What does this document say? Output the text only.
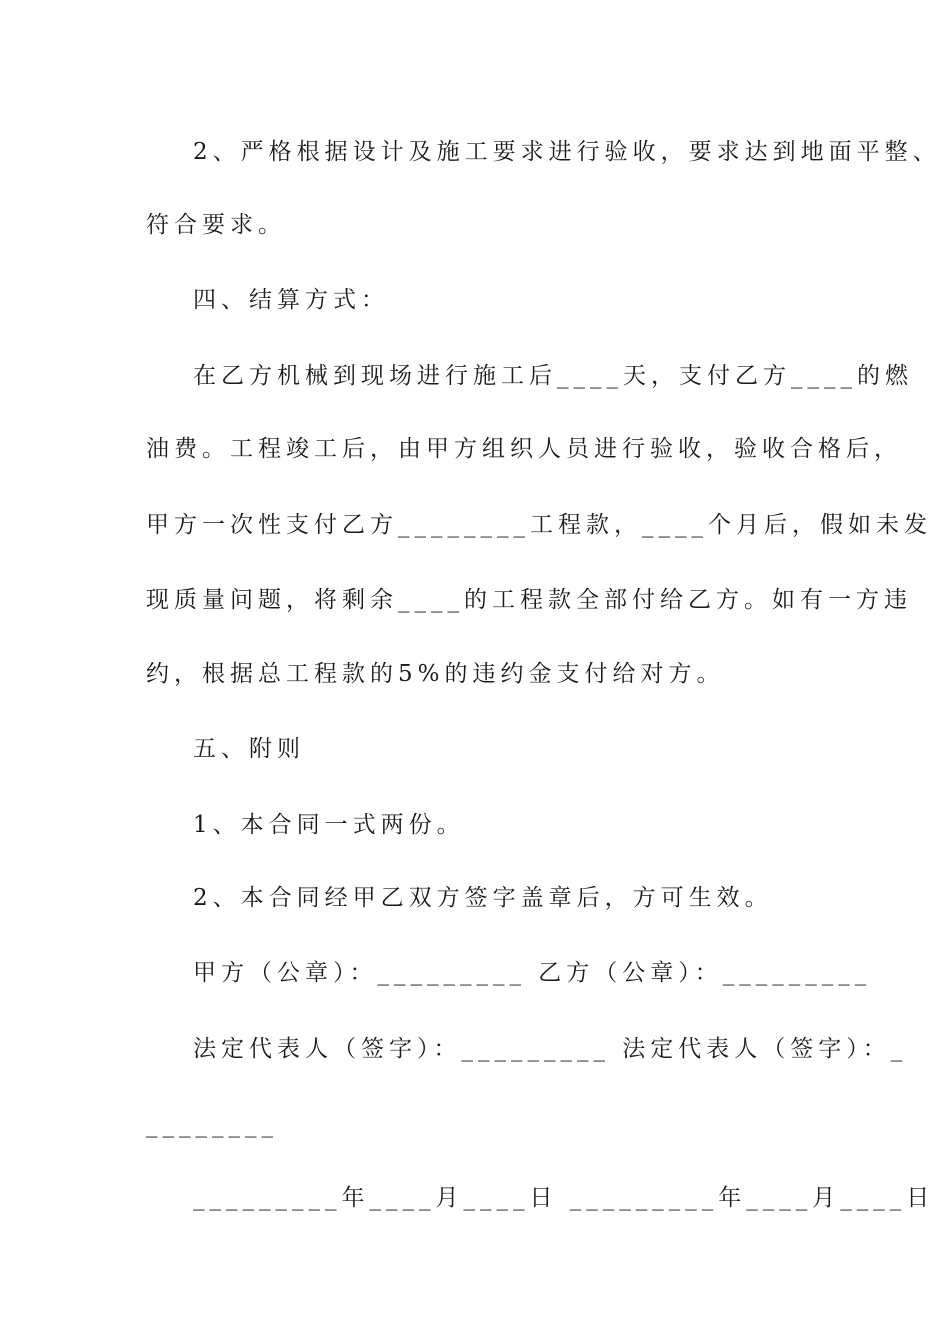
2、严格根据设计及施工要求进行验收，要求达到地面平整、
符合要求。
四、结算方式：
在乙方机械到现场进行施工后____天，支付乙方____的燃
油费。工程竣工后，由甲方组织人员进行验收，验收合格后，
甲方一次性支付乙方________工程款，____个月后，假如未发
现质量问题，将剩余____的工程款全部付给乙方。如有一方违
约，根据总工程款的5%的违约金支付给对方。
五、附则
1、本合同一式两份。
2、本合同经甲乙双方签字盖章后，方可生效。
甲方（公章）：_________ 乙方（公章）：_________
法定代表人（签字）：_________ 法定代表人（签字）：_
________
_________年____月____日 _________年____月____日
